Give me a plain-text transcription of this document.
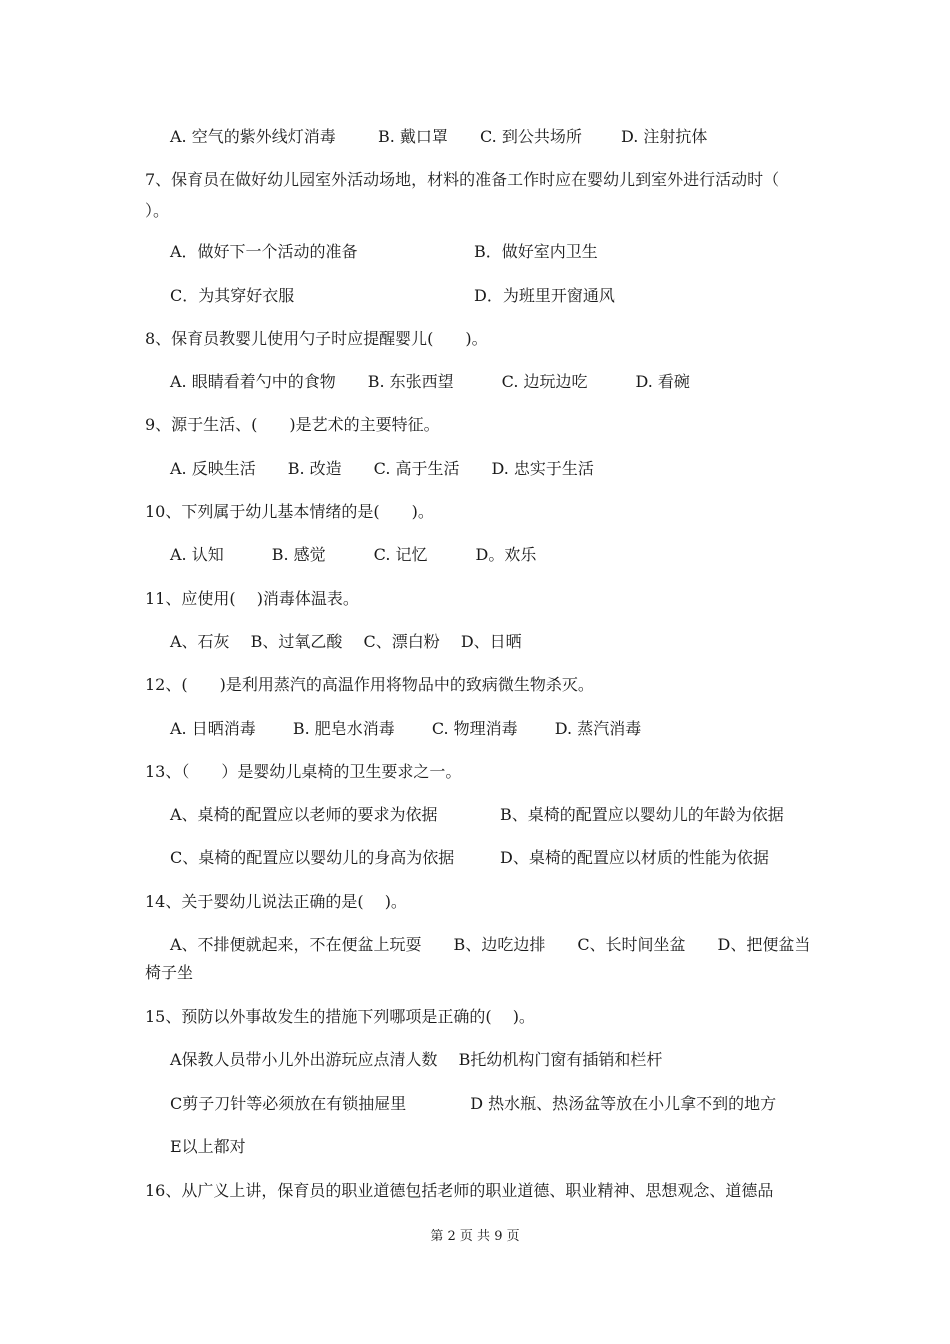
A. 空气的紫外线灯消毒	B. 戴口罩 C. 到公共场所 D. 注射抗体
7、保育员在做好幼儿园室外活动场地，材料的准备工作时应在婴幼儿到室外进行活动时（
）。
A．做好下一个活动的准备	B．做好室内卫生
C．为其穿好衣服	D．为班里开窗通风
8、保育员教婴儿使用勺子时应提醒婴儿(　　)。
A. 眼睛看着勺中的食物　　B. 东张西望　　　C. 边玩边吃　　　D. 看碗
9、源于生活、(　　)是艺术的主要特征。
A. 反映生活　　B. 改造　　C. 高于生活　　D. 忠实于生活
10、下列属于幼儿基本情绪的是(　　)。
A. 认知　　　B. 感觉　　　C. 记忆　　　D。欢乐
11、应使用(　 )消毒体温表。
A、石灰　 B、过氧乙酸　 C、漂白粉　 D、日晒
12、(　　)是利用蒸汽的高温作用将物品中的致病微生物杀灭。
A. 日晒消毒　　 B. 肥皂水消毒　　 C. 物理消毒　　 D. 蒸汽消毒
13、（　　）是婴幼儿桌椅的卫生要求之一。
A、桌椅的配置应以老师的要求为依据	B、桌椅的配置应以婴幼儿的年龄为依据
C、桌椅的配置应以婴幼儿的身高为依据	D、桌椅的配置应以材质的性能为依据
14、关于婴幼儿说法正确的是(　 )。
A、不排便就起来，不在便盆上玩耍　　B、边吃边排　　C、长时间坐盆　　D、把便盆当
椅子坐
15、预防以外事故发生的措施下列哪项是正确的(　 )。
A保教人员带小儿外出游玩应点清人数　 B托幼机构门窗有插销和栏杆
C剪子刀针等必须放在有锁抽屉里　　　　D 热水瓶、热汤盆等放在小儿拿不到的地方
E以上都对
16、从广义上讲，保育员的职业道德包括老师的职业道德、职业精神、思想观念、道德品
第 2 页 共 9 页
